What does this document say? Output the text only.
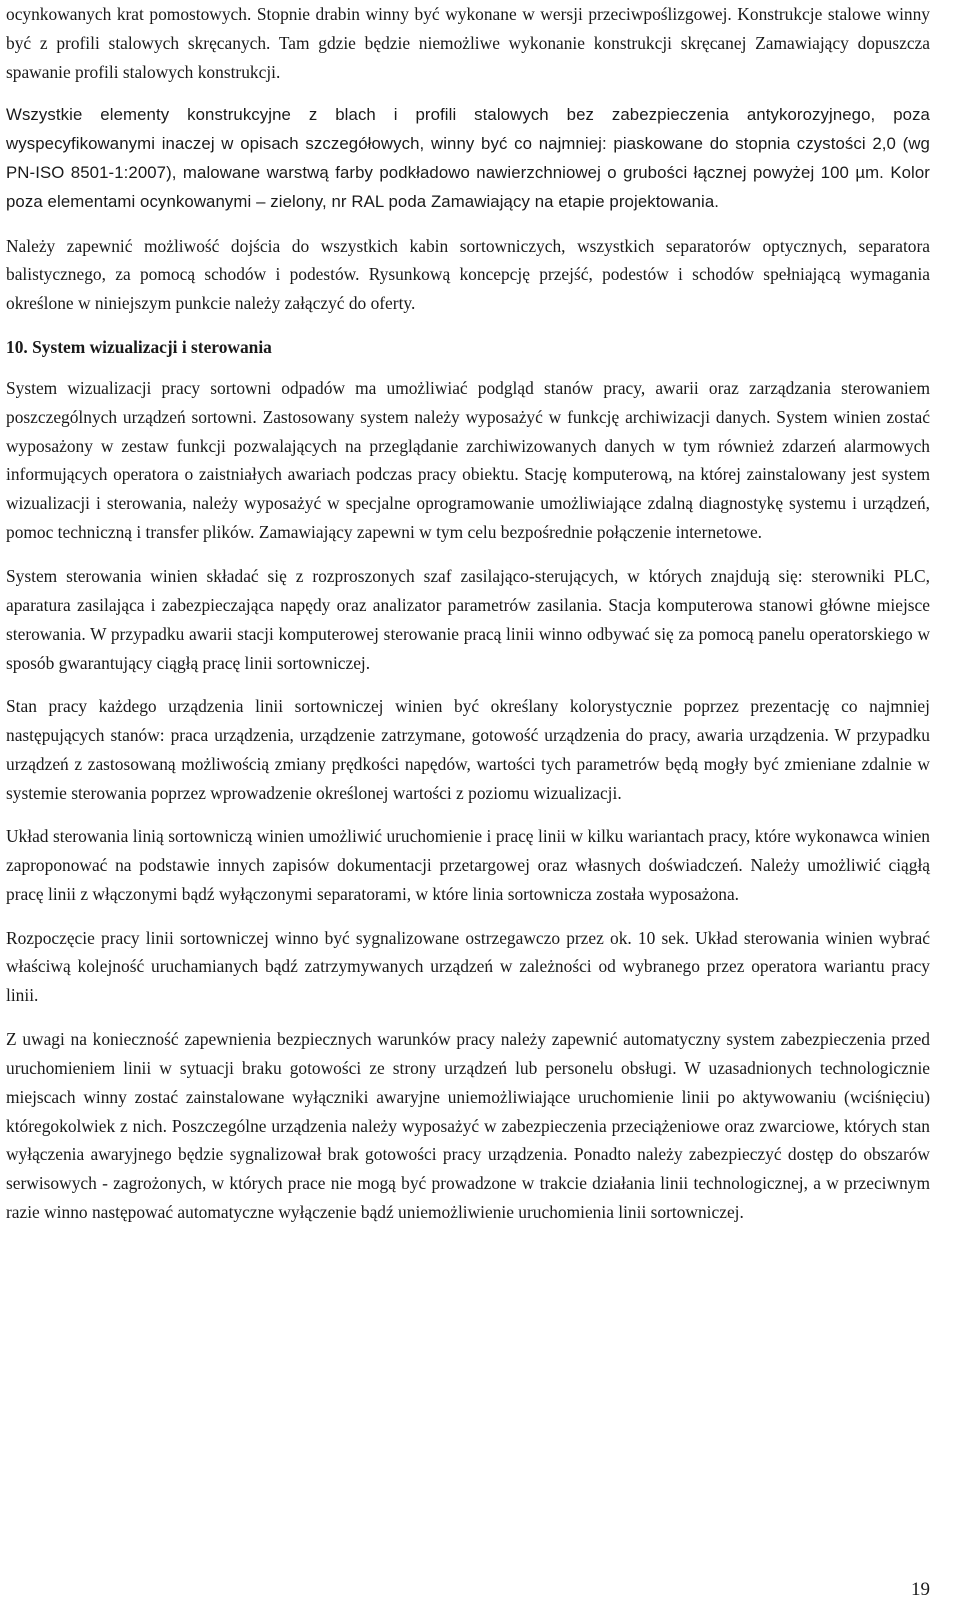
ocynkowanych krat pomostowych. Stopnie drabin winny być wykonane w wersji przeciwpoślizgowej. Konstrukcje stalowe winny być z profili stalowych skręcanych. Tam gdzie będzie niemożliwe wykonanie konstrukcji skręcanej Zamawiający dopuszcza spawanie profili stalowych konstrukcji.

Wszystkie elementy konstrukcyjne z blach i profili stalowych bez zabezpieczenia antykorozyjnego, poza wyspecyfikowanymi inaczej w opisach szczegółowych, winny być co najmniej: piaskowane do stopnia czystości 2,0 (wg PN-ISO 8501-1:2007), malowane warstwą farby podkładowo nawierzchniowej o grubości łącznej powyżej 100 µm. Kolor poza elementami ocynkowanymi – zielony, nr RAL poda Zamawiający na etapie projektowania.

Należy zapewnić możliwość dojścia do wszystkich kabin sortowniczych, wszystkich separatorów optycznych, separatora balistycznego, za pomocą schodów i podestów. Rysunkową koncepcję przejść, podestów i schodów spełniającą wymagania określone w niniejszym punkcie należy załączyć do oferty.

10. System wizualizacji i sterowania

System wizualizacji pracy sortowni odpadów ma umożliwiać podgląd stanów pracy, awarii oraz zarządzania sterowaniem poszczególnych urządzeń sortowni. Zastosowany system należy wyposażyć w funkcję archiwizacji danych. System winien zostać wyposażony w zestaw funkcji pozwalających na przeglądanie zarchiwizowanych danych w tym również zdarzeń alarmowych informujących operatora o zaistniałych awariach podczas pracy obiektu. Stację komputerową, na której zainstalowany jest system wizualizacji i sterowania, należy wyposażyć w specjalne oprogramowanie umożliwiające zdalną diagnostykę systemu i urządzeń, pomoc techniczną i transfer plików. Zamawiający zapewni w tym celu bezpośrednie połączenie internetowe.

System sterowania winien składać się z rozproszonych szaf zasilająco-sterujących, w których znajdują się: sterowniki PLC, aparatura zasilająca i zabezpieczająca napędy oraz analizator parametrów zasilania. Stacja komputerowa stanowi główne miejsce sterowania. W przypadku awarii stacji komputerowej sterowanie pracą linii winno odbywać się za pomocą panelu operatorskiego w sposób gwarantujący ciągłą pracę linii sortowniczej.

Stan pracy każdego urządzenia linii sortowniczej winien być określany kolorystycznie poprzez prezentację co najmniej następujących stanów: praca urządzenia, urządzenie zatrzymane, gotowość urządzenia do pracy, awaria urządzenia. W przypadku urządzeń z zastosowaną możliwością zmiany prędkości napędów, wartości tych parametrów będą mogły być zmieniane zdalnie w systemie sterowania poprzez wprowadzenie określonej wartości z poziomu wizualizacji.

Układ sterowania linią sortowniczą winien umożliwić uruchomienie i pracę linii w kilku wariantach pracy, które wykonawca winien zaproponować na podstawie innych zapisów dokumentacji przetargowej oraz własnych doświadczeń. Należy umożliwić ciągłą pracę linii z włączonymi bądź wyłączonymi separatorami, w które linia sortownicza została wyposażona.

Rozpoczęcie pracy linii sortowniczej winno być sygnalizowane ostrzegawczo przez ok. 10 sek. Układ sterowania winien wybrać właściwą kolejność uruchamianych bądź zatrzymywanych urządzeń w zależności od wybranego przez operatora wariantu pracy linii.

Z uwagi na konieczność zapewnienia bezpiecznych warunków pracy należy zapewnić automatyczny system zabezpieczenia przed uruchomieniem linii w sytuacji braku gotowości ze strony urządzeń lub personelu obsługi. W uzasadnionych technologicznie miejscach winny zostać zainstalowane wyłączniki awaryjne uniemożliwiające uruchomienie linii po aktywowaniu (wciśnięciu) któregokolwiek z nich. Poszczególne urządzenia należy wyposażyć w zabezpieczenia przeciążeniowe oraz zwarciowe, których stan wyłączenia awaryjnego będzie sygnalizował brak gotowości pracy urządzenia. Ponadto należy zabezpieczyć dostęp do obszarów serwisowych - zagrożonych, w których prace nie mogą być prowadzone w trakcie działania linii technologicznej, a w przeciwnym razie winno następować automatyczne wyłączenie bądź uniemożliwienie uruchomienia linii sortowniczej.

19
